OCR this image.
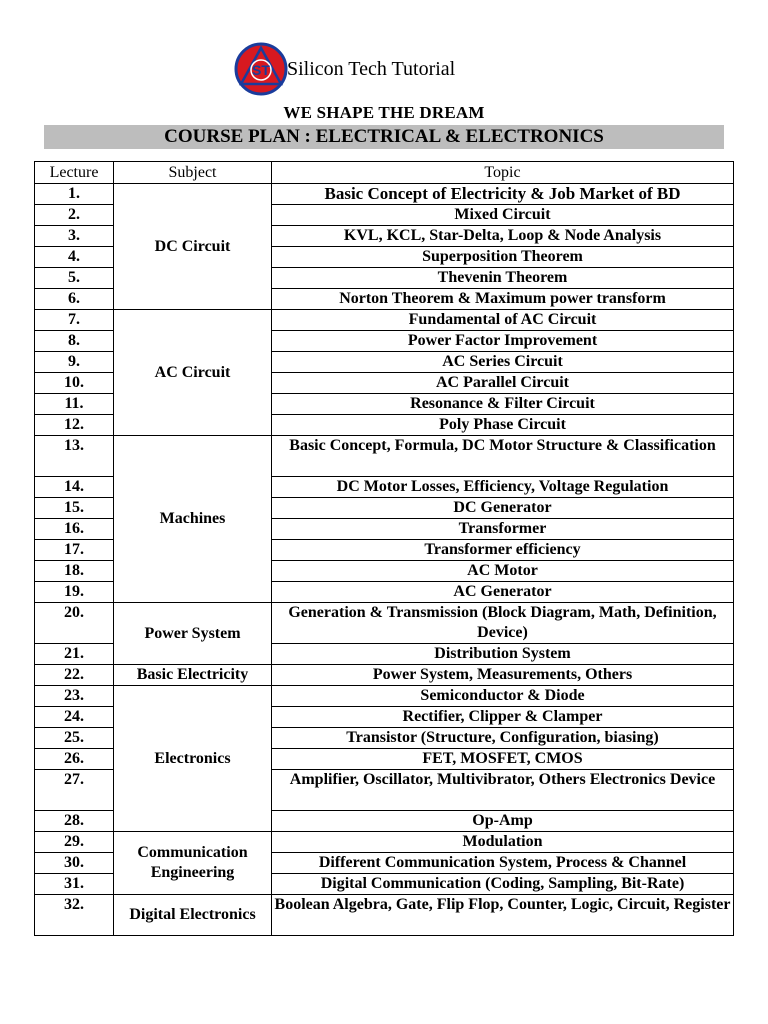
ST Silicon Tech Tutorial
WE SHAPE THE DREAM
COURSE PLAN : ELECTRICAL & ELECTRONICS
Lecture	Subject	Topic
1.	DC Circuit	Basic Concept of Electricity & Job Market of BD
2.		Mixed Circuit
3.		KVL, KCL, Star-Delta, Loop & Node Analysis
4.		Superposition Theorem
5.		Thevenin Theorem
6.		Norton Theorem & Maximum power transform
7.	AC Circuit	Fundamental of AC Circuit
8.		Power Factor Improvement
9.		AC Series Circuit
10.		AC Parallel Circuit
11.		Resonance & Filter Circuit
12.		Poly Phase Circuit
13.	Machines	Basic Concept, Formula, DC Motor Structure & Classification
14.		DC Motor Losses, Efficiency, Voltage Regulation
15.		DC Generator
16.		Transformer
17.		Transformer efficiency
18.		AC Motor
19.		AC Generator
20.	Power System	Generation & Transmission (Block Diagram, Math, Definition, Device)
21.		Distribution System
22.	Basic Electricity	Power System, Measurements, Others
23.	Electronics	Semiconductor & Diode
24.		Rectifier, Clipper & Clamper
25.		Transistor (Structure, Configuration, biasing)
26.		FET, MOSFET, CMOS
27.		Amplifier, Oscillator, Multivibrator, Others Electronics Device
28.		Op-Amp
29.	Communication Engineering	Modulation
30.		Different Communication System, Process & Channel
31.		Digital Communication (Coding, Sampling, Bit-Rate)
32.	Digital Electronics	Boolean Algebra, Gate, Flip Flop, Counter, Logic, Circuit, Register
